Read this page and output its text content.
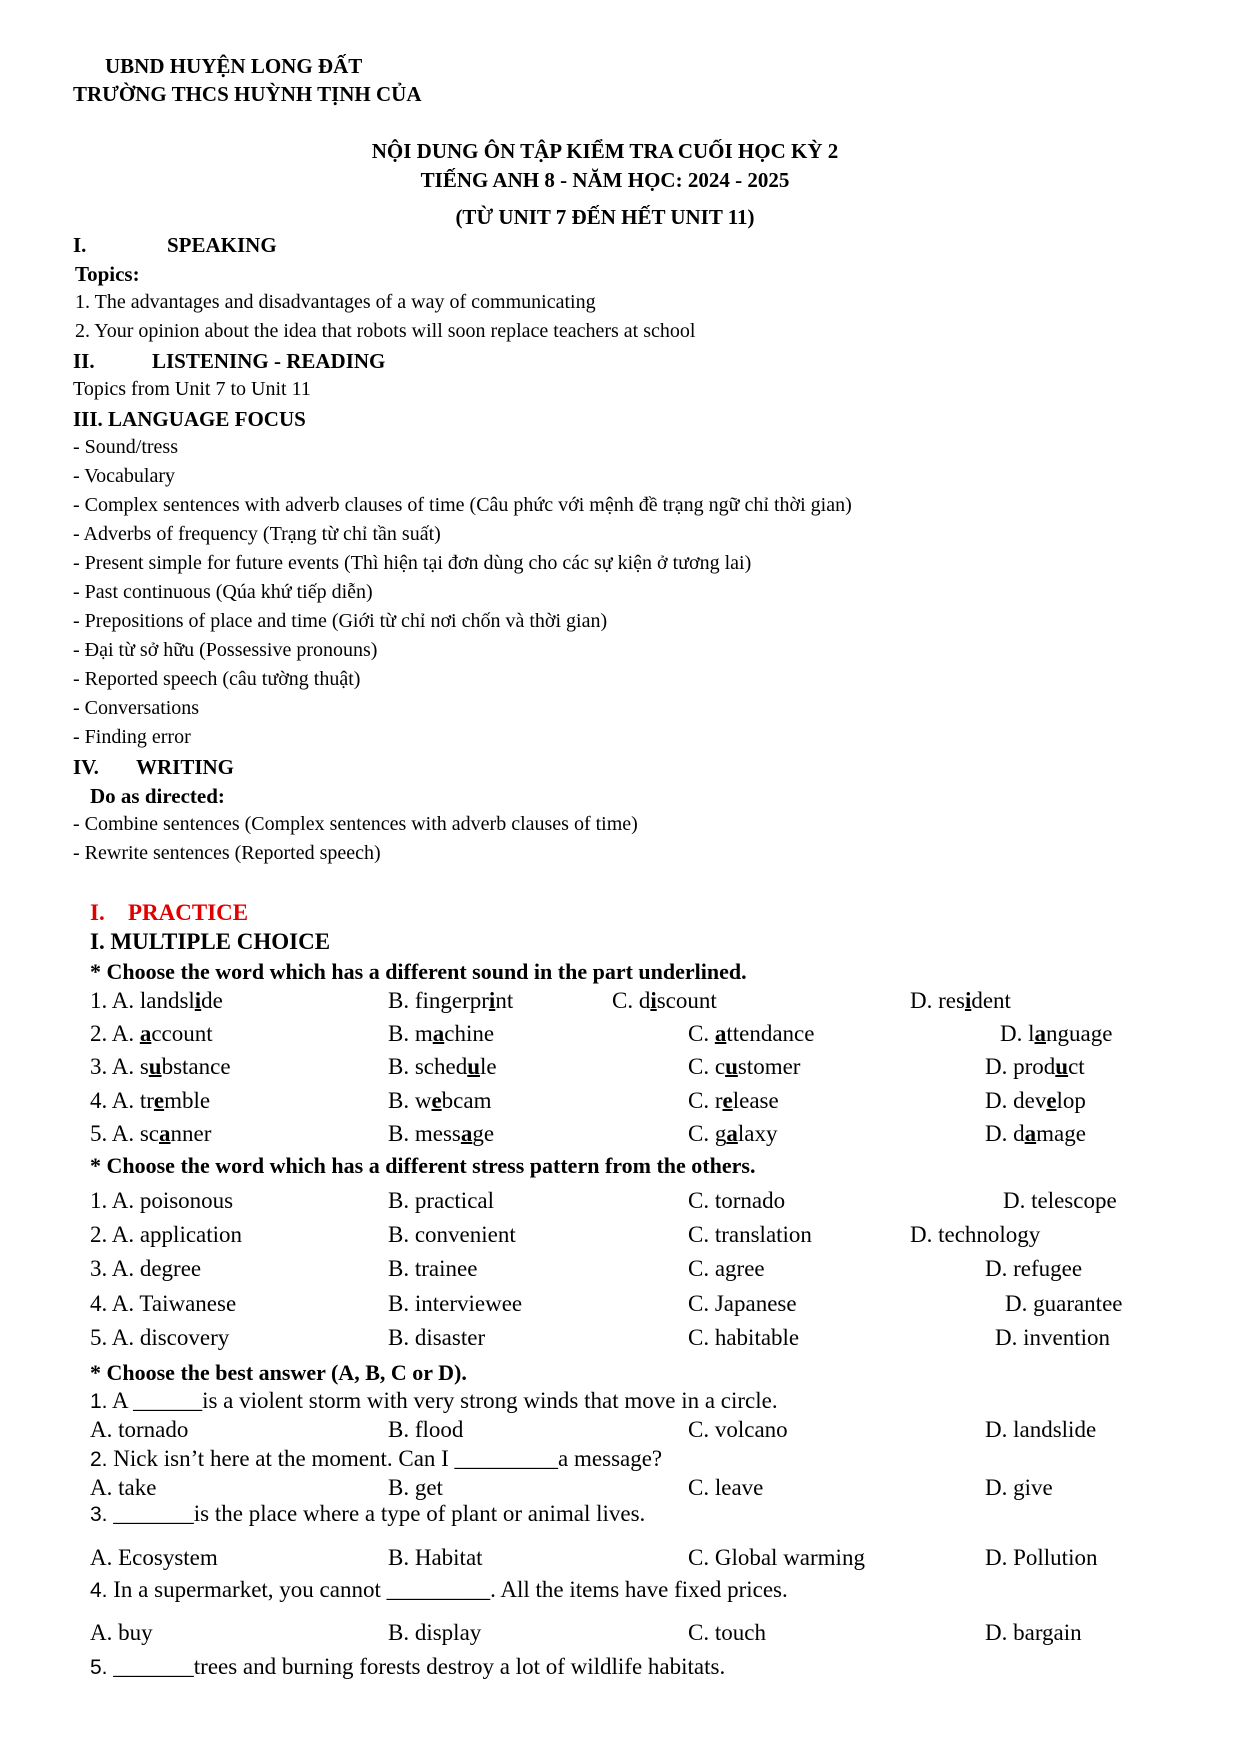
UBND HUYỆN LONG ĐẤT
TRƯỜNG THCS HUỲNH TỊNH CỦA
NỘI DUNG ÔN TẬP KIỂM TRA CUỐI HỌC KỲ 2
TIẾNG ANH 8 - NĂM HỌC: 2024 - 2025
(TỪ UNIT 7 ĐẾN HẾT UNIT 11)
I.	SPEAKING
Topics:
1. The advantages and disadvantages of a way of communicating
2. Your opinion about the idea that robots will soon replace teachers at school
II.	LISTENING - READING
Topics from Unit 7 to Unit 11
III. LANGUAGE FOCUS
IV. WRITING
Do as directed:
- Combine sentences (Complex sentences with adverb clauses of time)
- Rewrite sentences (Reported speech)
I. PRACTICE
I. MULTIPLE CHOICE
* Choose the word which has a different sound in the part underlined.
* Choose the word which has a different stress pattern from the others.
* Choose the best answer (A, B, C or D).
- Sound/tress
- Vocabulary
- Complex sentences with adverb clauses of time (Câu phức với mệnh đề trạng ngữ chỉ thời gian)
- Adverbs of frequency (Trạng từ chỉ tần suất)
- Present simple for future events (Thì hiện tại đơn dùng cho các sự kiện ở tương lai)
- Past continuous (Qúa khứ tiếp diễn)
- Prepositions of place and time (Giới từ chỉ nơi chốn và thời gian)
- Đại từ sở hữu (Possessive pronouns)
- Reported speech (câu tường thuật)
- Conversations
- Finding error
1. A. landslide	B. fingerprint	C. discount	D. resident
2. A. account	B. machine	C. attendance	D. language
3. A. substance	B. schedule	C. customer	D. product
4. A. tremble	B. webcam	C. release	D. develop
5. A. scanner	B. message	C. galaxy	D. damage
1. A. poisonous	B. practical	C. tornado	D. telescope
2. A. application	B. convenient	C. translation	D. technology
3. A. degree	B. trainee	C. agree	D. refugee
4. A. Taiwanese	B. interviewee	C. Japanese	D. guarantee
5. A. discovery	B. disaster	C. habitable	D. invention
1. A ______is a violent storm with very strong winds that move in a circle.
A. tornado	B. flood	C. volcano	D. landslide
2. Nick isn’t here at the moment. Can I _________a message?
A. take	B. get	C. leave	D. give
3. _______is the place where a type of plant or animal lives.
A. Ecosystem	B. Habitat	C. Global warming	D. Pollution
4. In a supermarket, you cannot _________. All the items have fixed prices.
A. buy	B. display	C. touch	D. bargain
5. _______trees and burning forests destroy a lot of wildlife habitats.
